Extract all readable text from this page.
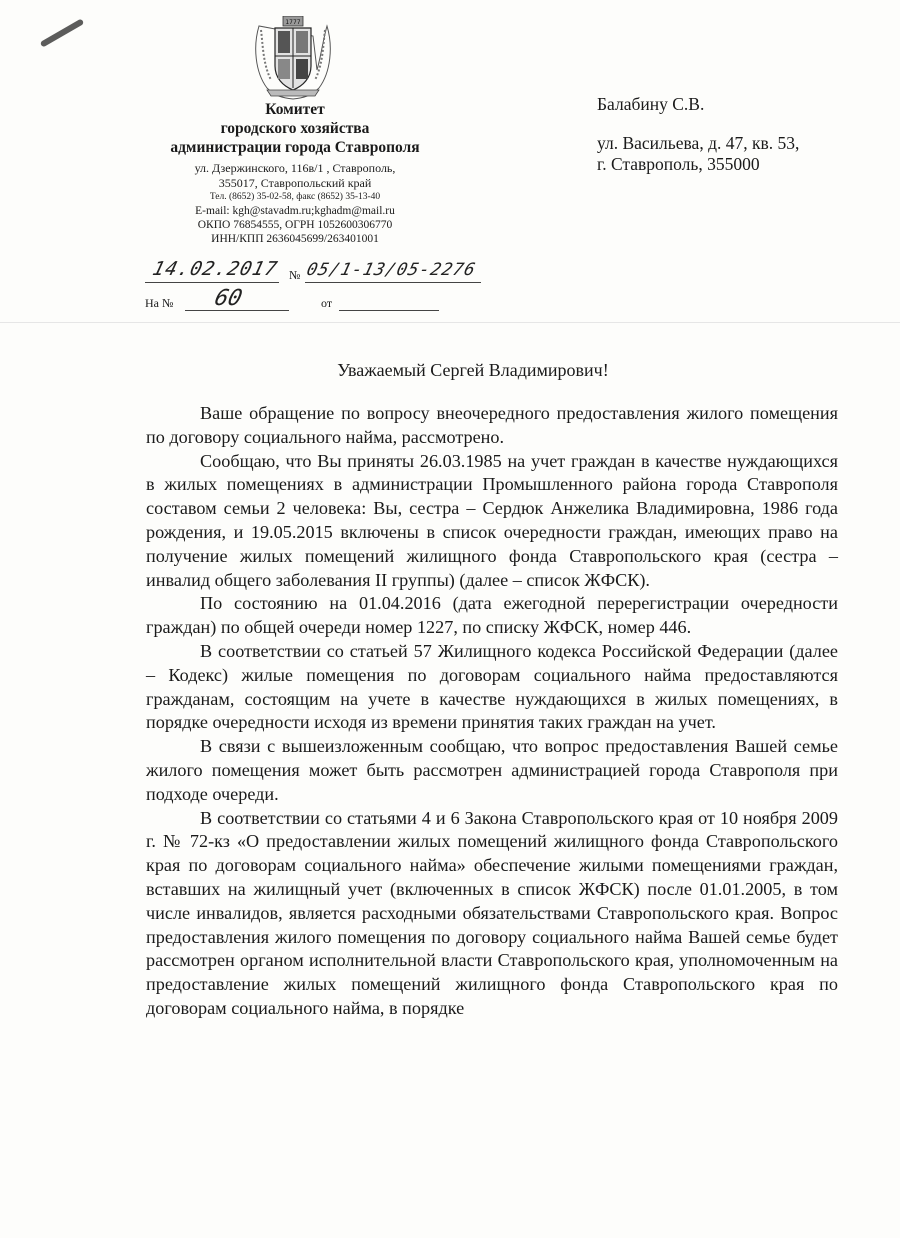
1777
Комитет
городского хозяйства
администрации города Ставрополя
ул. Дзержинского, 116в/1 , Ставрополь,
355017, Ставропольский край
Тел. (8652) 35-02-58, факс (8652) 35-13-40
E-mail: kgh@stavadm.ru;kghadm@mail.ru
ОКПО 76854555, ОГРН 1052600306770
ИНН/КПП 2636045699/263401001
14.02.2017 № 05/1-13/05-2276
На № 60	от
Балабину С.В.
ул. Васильева, д. 47, кв. 53,
г. Ставрополь, 355000
Уважаемый Сергей Владимирович!

Ваше обращение по вопросу внеочередного предоставления жилого помещения по договору социального найма, рассмотрено.

Сообщаю, что Вы приняты 26.03.1985 на учет граждан в качестве нуждающихся в жилых помещениях в администрации Промышленного района города Ставрополя составом семьи 2 человека: Вы, сестра – Сердюк Анжелика Владимировна, 1986 года рождения, и 19.05.2015 включены в список очередности граждан, имеющих право на получение жилых помещений жилищного фонда Ставропольского края (сестра – инвалид общего заболевания II группы) (далее – список ЖФСК).

По состоянию на 01.04.2016 (дата ежегодной перерегистрации очередности граждан) по общей очереди номер 1227, по списку ЖФСК, номер 446.

В соответствии со статьей 57 Жилищного кодекса Российской Федерации (далее – Кодекс) жилые помещения по договорам социального найма предоставляются гражданам, состоящим на учете в качестве нуждающихся в жилых помещениях, в порядке очередности исходя из времени принятия таких граждан на учет.

В связи с вышеизложенным сообщаю, что вопрос предоставления Вашей семье жилого помещения может быть рассмотрен администрацией города Ставрополя при подходе очереди.

В соответствии со статьями 4 и 6 Закона Ставропольского края от 10 ноября 2009 г. № 72-кз «О предоставлении жилых помещений жилищного фонда Ставропольского края по договорам социального найма» обеспечение жилыми помещениями граждан, вставших на жилищный учет (включенных в список ЖФСК) после 01.01.2005, в том числе инвалидов, является расходными обязательствами Ставропольского края. Вопрос предоставления жилого помещения по договору социального найма Вашей семье будет рассмотрен органом исполнительной власти Ставропольского края, уполномоченным на предоставление жилых помещений жилищного фонда Ставропольского края по договорам социального найма, в порядке
